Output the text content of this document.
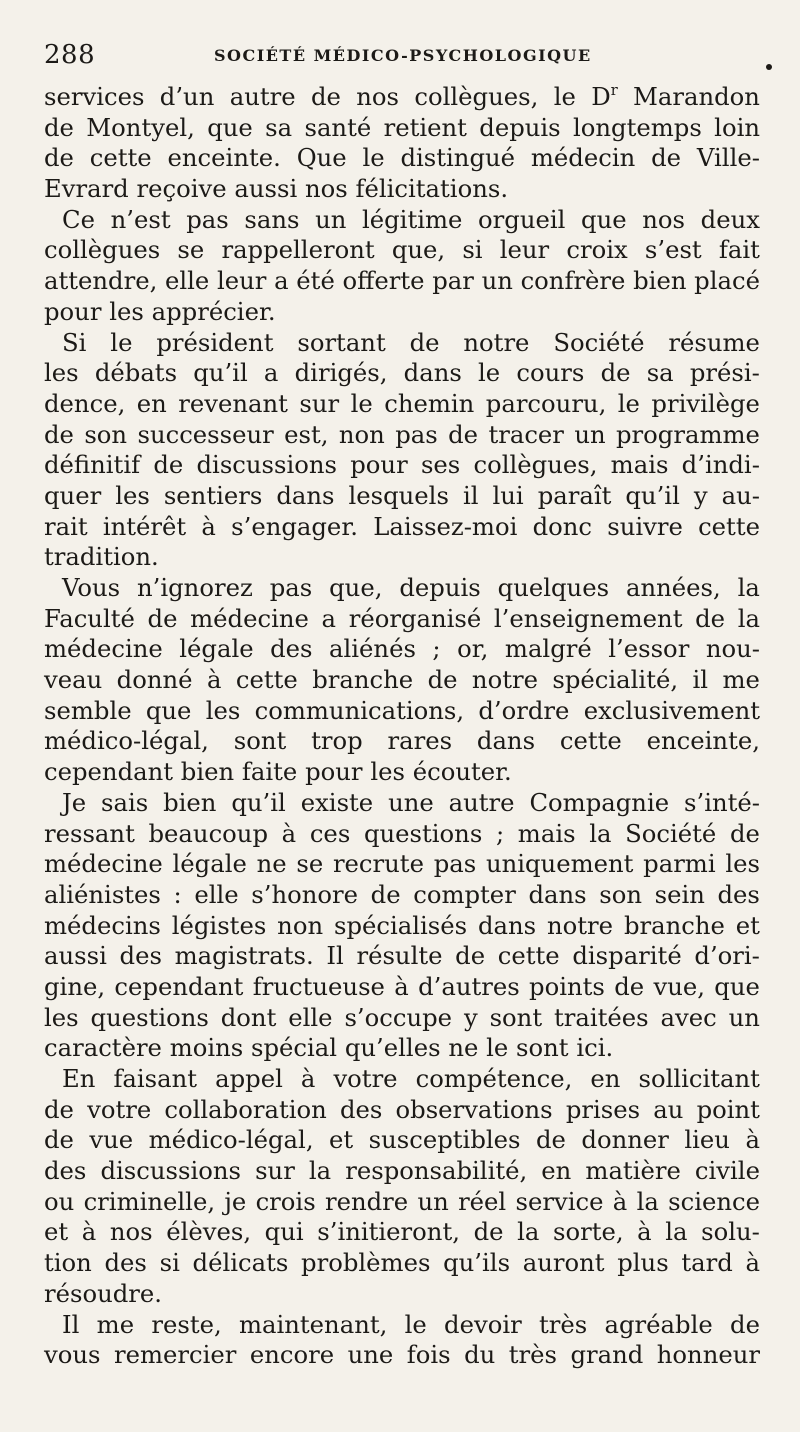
288	SOCIÉTÉ MÉDICO-PSYCHOLOGIQUE
services d’un autre de nos collègues, le $D^r$ Marandon
de Montyel, que sa santé retient depuis longtemps loin
de cette enceinte. Que le distingué médecin de Ville-
Evrard reçoive aussi nos félicitations.
Ce n’est pas sans un légitime orgueil que nos deux
collègues se rappelleront que, si leur croix s’est fait
attendre, elle leur a été offerte par un confrère bien placé
pour les apprécier.
Si le président sortant de notre Société résume
les débats qu’il a dirigés, dans le cours de sa prési-
dence, en revenant sur le chemin parcouru, le privilège
de son successeur est, non pas de tracer un programme
définitif de discussions pour ses collègues, mais d’indi-
quer les sentiers dans lesquels il lui paraît qu’il y au-
rait intérêt à s’engager. Laissez-moi donc suivre cette
tradition.
Vous n’ignorez pas que, depuis quelques années, la
Faculté de médecine a réorganisé l’enseignement de la
médecine légale des aliénés ; or, malgré l’essor nou-
veau donné à cette branche de notre spécialité, il me
semble que les communications, d’ordre exclusivement
médico-légal, sont trop rares dans cette enceinte,
cependant bien faite pour les écouter.
Je sais bien qu’il existe une autre Compagnie s’inté-
ressant beaucoup à ces questions ; mais la Société de
médecine légale ne se recrute pas uniquement parmi les
aliénistes : elle s’honore de compter dans son sein des
médecins légistes non spécialisés dans notre branche et
aussi des magistrats. Il résulte de cette disparité d’ori-
gine, cependant fructueuse à d’autres points de vue, que
les questions dont elle s’occupe y sont traitées avec un
caractère moins spécial qu’elles ne le sont ici.
En faisant appel à votre compétence, en sollicitant
de votre collaboration des observations prises au point
de vue médico-légal, et susceptibles de donner lieu à
des discussions sur la responsabilité, en matière civile
ou criminelle, je crois rendre un réel service à la science
et à nos élèves, qui s’initieront, de la sorte, à la solu-
tion des si délicats problèmes qu’ils auront plus tard à
résoudre.
Il me reste, maintenant, le devoir très agréable de
vous remercier encore une fois du très grand honneur
